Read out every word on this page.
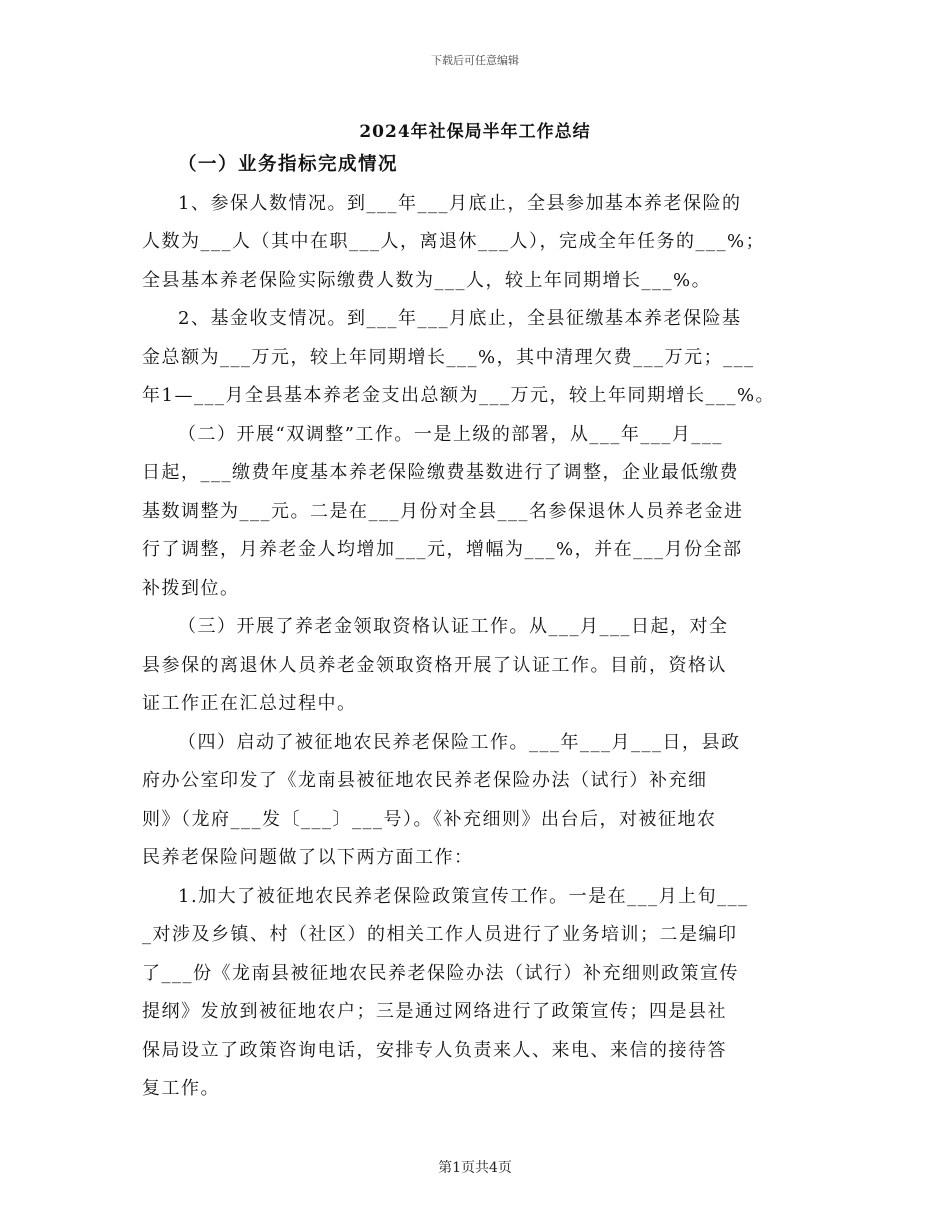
下载后可任意编辑
2024年社保局半年工作总结
（一）业务指标完成情况
1、参保人数情况。到___年___月底止，全县参加基本养老保险的
人数为___人（其中在职___人，离退休___人），完成全年任务的___%；
全县基本养老保险实际缴费人数为___人，较上年同期增长___%。
2、基金收支情况。到___年___月底止，全县征缴基本养老保险基
金总额为___万元，较上年同期增长___%，其中清理欠费___万元；___
年1—___月全县基本养老金支出总额为___万元，较上年同期增长___%。
（二）开展“双调整”工作。一是上级的部署，从___年___月___
日起，___缴费年度基本养老保险缴费基数进行了调整，企业最低缴费
基数调整为___元。二是在___月份对全县___名参保退休人员养老金进
行了调整，月养老金人均增加___元，增幅为___%，并在___月份全部
补拨到位。
（三）开展了养老金领取资格认证工作。从___月___日起，对全
县参保的离退休人员养老金领取资格开展了认证工作。目前，资格认
证工作正在汇总过程中。
（四）启动了被征地农民养老保险工作。___年___月___日，县政
府办公室印发了《龙南县被征地农民养老保险办法（试行）补充细
则》（龙府___发〔___〕___号）。《补充细则》出台后，对被征地农
民养老保险问题做了以下两方面工作：
1.加大了被征地农民养老保险政策宣传工作。一是在___月上旬___
_对涉及乡镇、村（社区）的相关工作人员进行了业务培训；二是编印
了___份《龙南县被征地农民养老保险办法（试行）补充细则政策宣传
提纲》发放到被征地农户；三是通过网络进行了政策宣传；四是县社
保局设立了政策咨询电话，安排专人负责来人、来电、来信的接待答
复工作。
第1页共4页
